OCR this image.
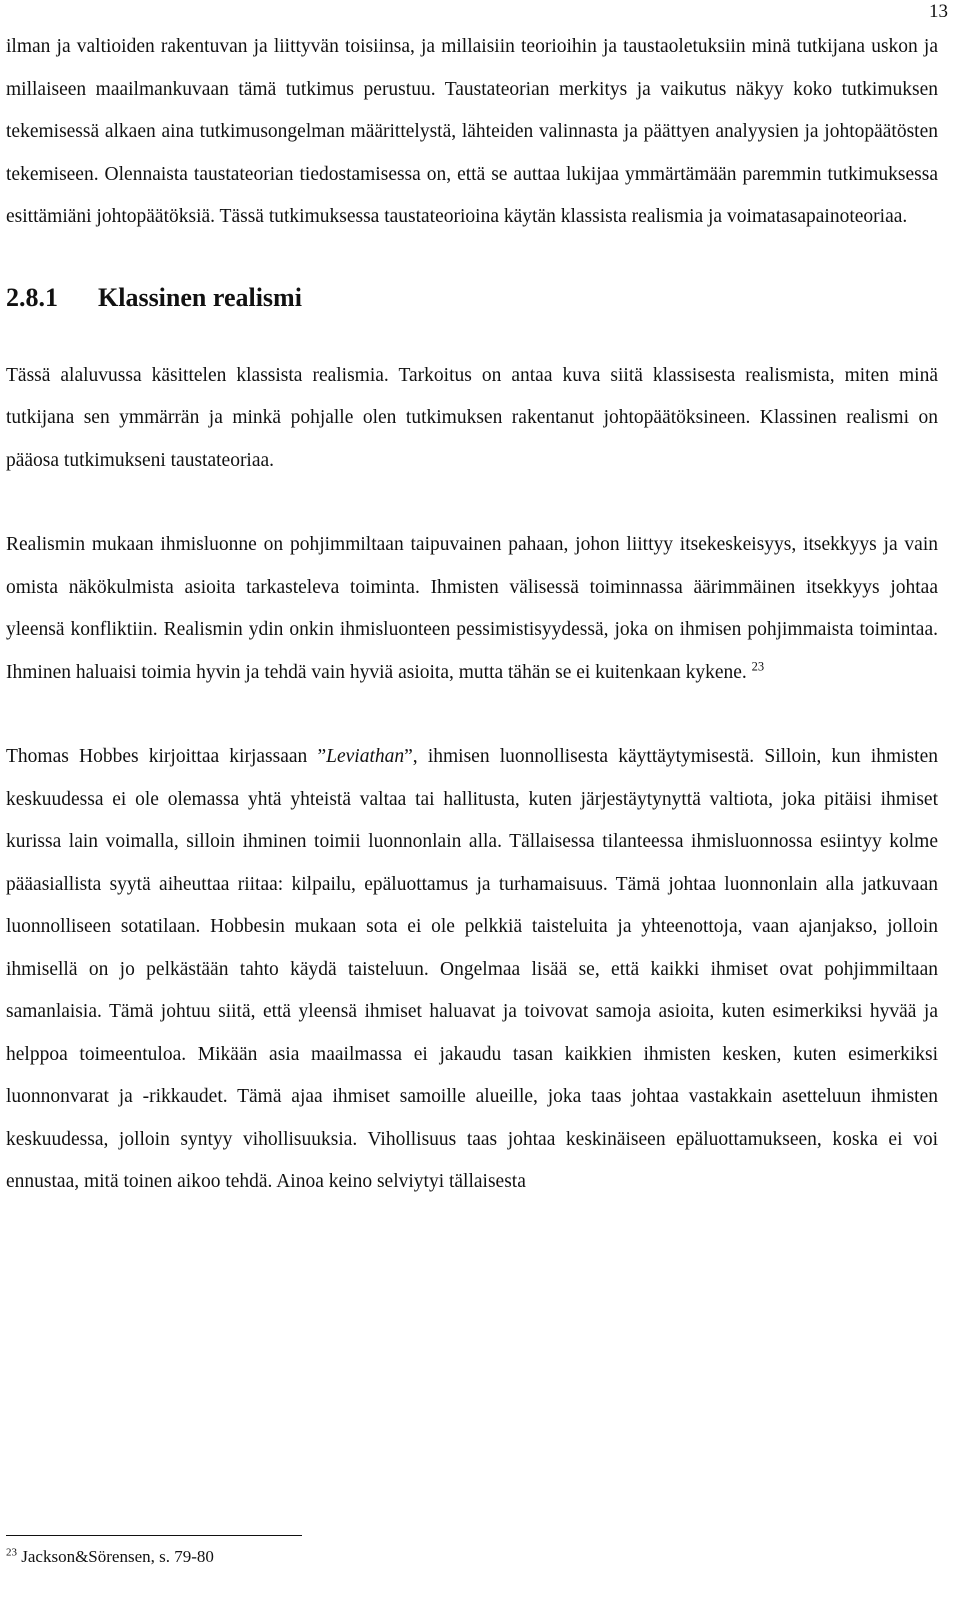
13

ilman ja valtioiden rakentuvan ja liittyvän toisiinsa, ja millaisiin teorioihin ja taustaoletuksiin minä tutkijana uskon ja millaiseen maailmankuvaan tämä tutkimus perustuu. Taustateorian merkitys ja vaikutus näkyy koko tutkimuksen tekemisessä alkaen aina tutkimusongelman määrittelystä, lähteiden valinnasta ja päättyen analyysien ja johtopäätösten tekemiseen. Olennaista taustateorian tiedostamisessa on, että se auttaa lukijaa ymmärtämään paremmin tutkimuksessa esittämiäni johtopäätöksiä. Tässä tutkimuksessa taustateorioina käytän klassista realismia ja voimatasapainoteoriaa.

2.8.1 Klassinen realismi

Tässä alaluvussa käsittelen klassista realismia. Tarkoitus on antaa kuva siitä klassisesta realismista, miten minä tutkijana sen ymmärrän ja minkä pohjalle olen tutkimuksen rakentanut johtopäätöksineen. Klassinen realismi on pääosa tutkimukseni taustateoriaa.

Realismin mukaan ihmisluonne on pohjimmiltaan taipuvainen pahaan, johon liittyy itsekeskeisyys, itsekkyys ja vain omista näkökulmista asioita tarkasteleva toiminta. Ihmisten välisessä toiminnassa äärimmäinen itsekkyys johtaa yleensä konfliktiin. Realismin ydin onkin ihmisluonteen pessimistisyydessä, joka on ihmisen pohjimmaista toimintaa. Ihminen haluaisi toimia hyvin ja tehdä vain hyviä asioita, mutta tähän se ei kuitenkaan kykene. $^{23}$

Thomas Hobbes kirjoittaa kirjassaan ”Leviathan”, ihmisen luonnollisesta käyttäytymisestä. Silloin, kun ihmisten keskuudessa ei ole olemassa yhtä yhteistä valtaa tai hallitusta, kuten järjestäytynyttä valtiota, joka pitäisi ihmiset kurissa lain voimalla, silloin ihminen toimii luonnonlain alla. Tällaisessa tilanteessa ihmisluonnossa esiintyy kolme pääasiallista syytä aiheuttaa riitaa: kilpailu, epäluottamus ja turhamaisuus. Tämä johtaa luonnonlain alla jatkuvaan luonnolliseen sotatilaan. Hobbesin mukaan sota ei ole pelkkiä taisteluita ja yhteenottoja, vaan ajanjakso, jolloin ihmisellä on jo pelkästään tahto käydä taisteluun. Ongelmaa lisää se, että kaikki ihmiset ovat pohjimmiltaan samanlaisia. Tämä johtuu siitä, että yleensä ihmiset haluavat ja toivovat samoja asioita, kuten esimerkiksi hyvää ja helppoa toimeentuloa. Mikään asia maailmassa ei jakaudu tasan kaikkien ihmisten kesken, kuten esimerkiksi luonnonvarat ja -rikkaudet. Tämä ajaa ihmiset samoille alueille, joka taas johtaa vastakkain asetteluun ihmisten keskuudessa, jolloin syntyy vihollisuuksia. Vihollisuus taas johtaa keskinäiseen epäluottamukseen, koska ei voi ennustaa, mitä toinen aikoo tehdä. Ainoa keino selviytyi tällaisesta

$^{23}$ Jackson&Sörensen, s. 79-80
